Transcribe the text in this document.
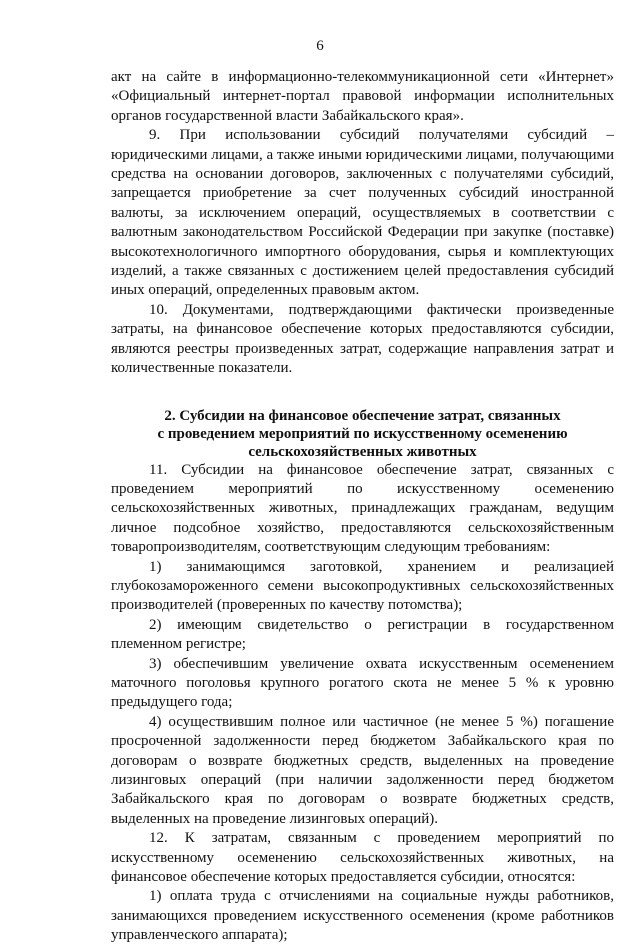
6

акт на сайте в информационно-телекоммуникационной сети «Интернет» «Официальный интернет-портал правовой информации исполнительных органов государственной власти Забайкальского края».

9. При использовании субсидий получателями субсидий – юридическими лицами, а также иными юридическими лицами, получающими средства на основании договоров, заключенных с получателями субсидий, запрещается приобретение за счет полученных субсидий иностранной валюты, за исключением операций, осуществляемых в соответствии с валютным законодательством Российской Федерации при закупке (поставке) высокотехнологичного импортного оборудования, сырья и комплектующих изделий, а также связанных с достижением целей предоставления субсидий иных операций, определенных правовым актом.

10. Документами, подтверждающими фактически произведенные затраты, на финансовое обеспечение которых предоставляются субсидии, являются реестры произведенных затрат, содержащие направления затрат и количественные показатели.

2. Субсидии на финансовое обеспечение затрат, связанных
с проведением мероприятий по искусственному осеменению
сельскохозяйственных животных

11. Субсидии на финансовое обеспечение затрат, связанных с проведением мероприятий по искусственному осеменению сельскохозяйственных животных, принадлежащих гражданам, ведущим личное подсобное хозяйство, предоставляются сельскохозяйственным товаропроизводителям, соответствующим следующим требованиям:

1) занимающимся заготовкой, хранением и реализацией глубокозамороженного семени высокопродуктивных сельскохозяйственных производителей (проверенных по качеству потомства);

2) имеющим свидетельство о регистрации в государственном племенном регистре;

3) обеспечившим увеличение охвата искусственным осеменением маточного поголовья крупного рогатого скота не менее 5 % к уровню предыдущего года;

4) осуществившим полное или частичное (не менее 5 %) погашение просроченной задолженности перед бюджетом Забайкальского края по договорам о возврате бюджетных средств, выделенных на проведение лизинговых операций (при наличии задолженности перед бюджетом Забайкальского края по договорам о возврате бюджетных средств, выделенных на проведение лизинговых операций).

12. К затратам, связанным с проведением мероприятий по искусственному осеменению сельскохозяйственных животных, на финансовое обеспечение которых предоставляется субсидии, относятся:

1) оплата труда с отчислениями на социальные нужды работников, занимающихся проведением искусственного осеменения (кроме работников управленческого аппарата);
